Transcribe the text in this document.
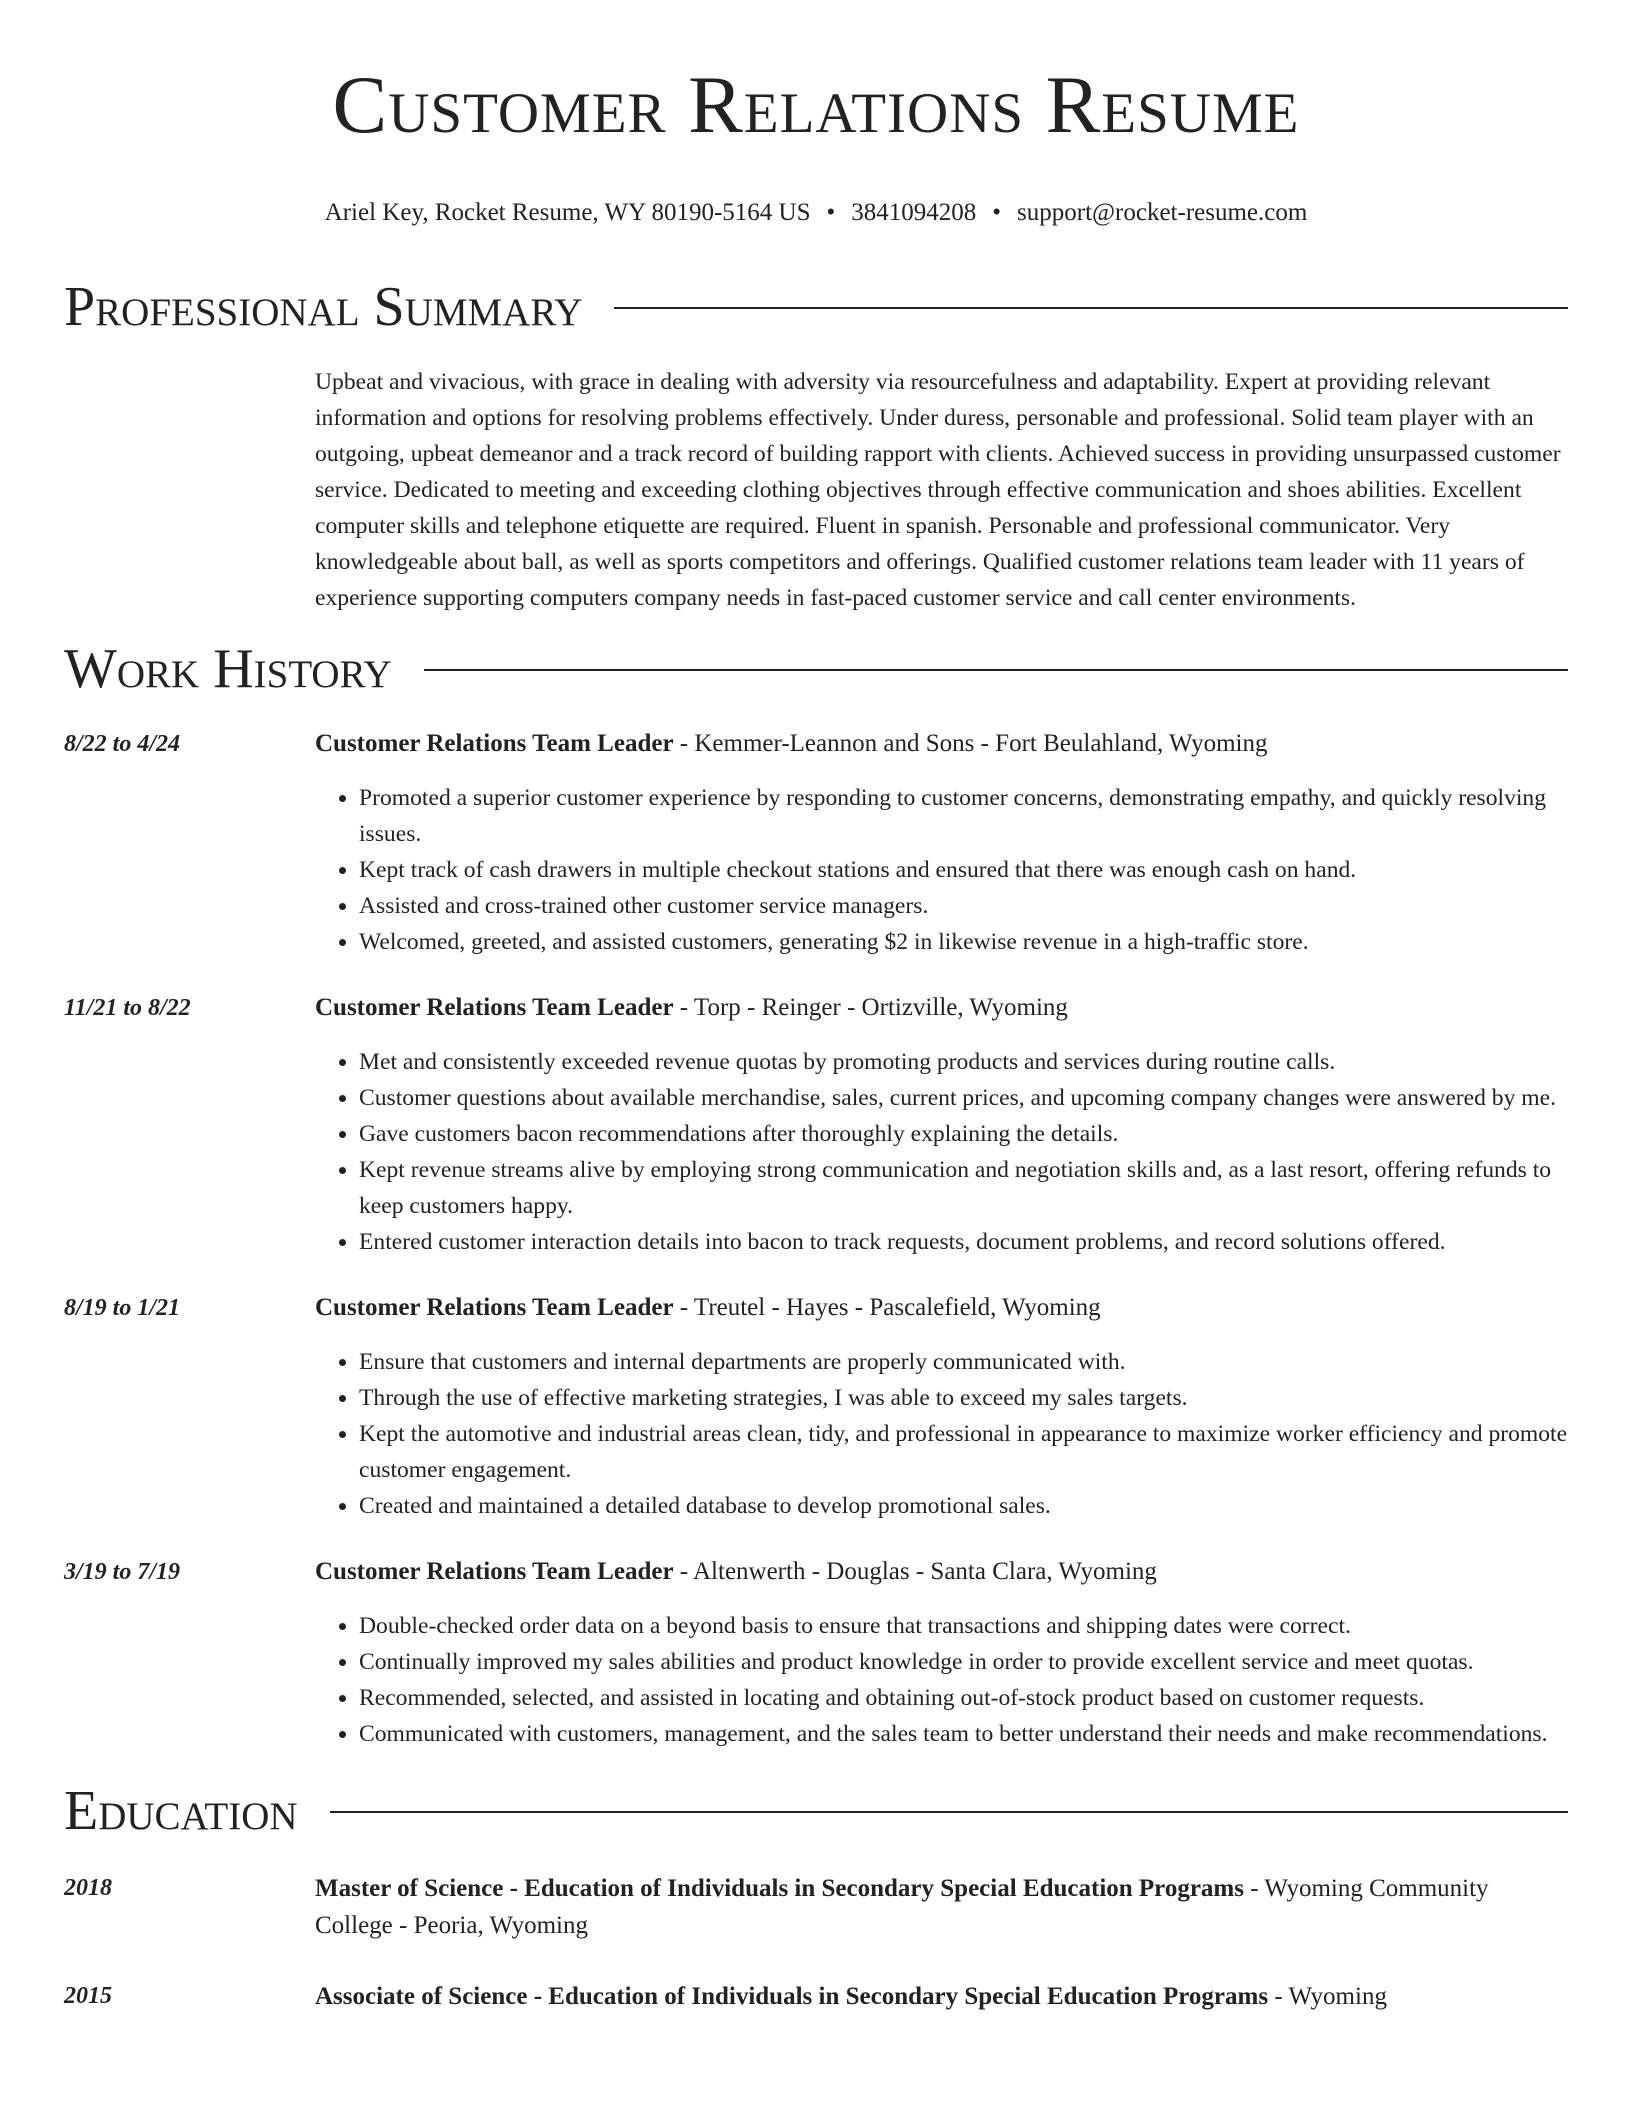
Customer Relations Resume
Ariel Key, Rocket Resume, WY 80190-5164 US • 3841094208 • support@rocket-resume.com
Professional Summary
Upbeat and vivacious, with grace in dealing with adversity via resourcefulness and adaptability. Expert at providing relevant information and options for resolving problems effectively. Under duress, personable and professional. Solid team player with an outgoing, upbeat demeanor and a track record of building rapport with clients. Achieved success in providing unsurpassed customer service. Dedicated to meeting and exceeding clothing objectives through effective communication and shoes abilities. Excellent computer skills and telephone etiquette are required. Fluent in spanish. Personable and professional communicator. Very knowledgeable about ball, as well as sports competitors and offerings. Qualified customer relations team leader with 11 years of experience supporting computers company needs in fast-paced customer service and call center environments.
Work History
8/22 to 4/24	Customer Relations Team Leader - Kemmer-Leannon and Sons - Fort Beulahland, Wyoming
• Promoted a superior customer experience by responding to customer concerns, demonstrating empathy, and quickly resolving issues.
• Kept track of cash drawers in multiple checkout stations and ensured that there was enough cash on hand.
• Assisted and cross-trained other customer service managers.
• Welcomed, greeted, and assisted customers, generating $2 in likewise revenue in a high-traffic store.
11/21 to 8/22	Customer Relations Team Leader - Torp - Reinger - Ortizville, Wyoming
• Met and consistently exceeded revenue quotas by promoting products and services during routine calls.
• Customer questions about available merchandise, sales, current prices, and upcoming company changes were answered by me.
• Gave customers bacon recommendations after thoroughly explaining the details.
• Kept revenue streams alive by employing strong communication and negotiation skills and, as a last resort, offering refunds to keep customers happy.
• Entered customer interaction details into bacon to track requests, document problems, and record solutions offered.
8/19 to 1/21	Customer Relations Team Leader - Treutel - Hayes - Pascalefield, Wyoming
• Ensure that customers and internal departments are properly communicated with.
• Through the use of effective marketing strategies, I was able to exceed my sales targets.
• Kept the automotive and industrial areas clean, tidy, and professional in appearance to maximize worker efficiency and promote customer engagement.
• Created and maintained a detailed database to develop promotional sales.
3/19 to 7/19	Customer Relations Team Leader - Altenwerth - Douglas - Santa Clara, Wyoming
• Double-checked order data on a beyond basis to ensure that transactions and shipping dates were correct.
• Continually improved my sales abilities and product knowledge in order to provide excellent service and meet quotas.
• Recommended, selected, and assisted in locating and obtaining out-of-stock product based on customer requests.
• Communicated with customers, management, and the sales team to better understand their needs and make recommendations.
Education
2018	Master of Science - Education of Individuals in Secondary Special Education Programs - Wyoming Community College - Peoria, Wyoming
2015	Associate of Science - Education of Individuals in Secondary Special Education Programs - Wyoming
